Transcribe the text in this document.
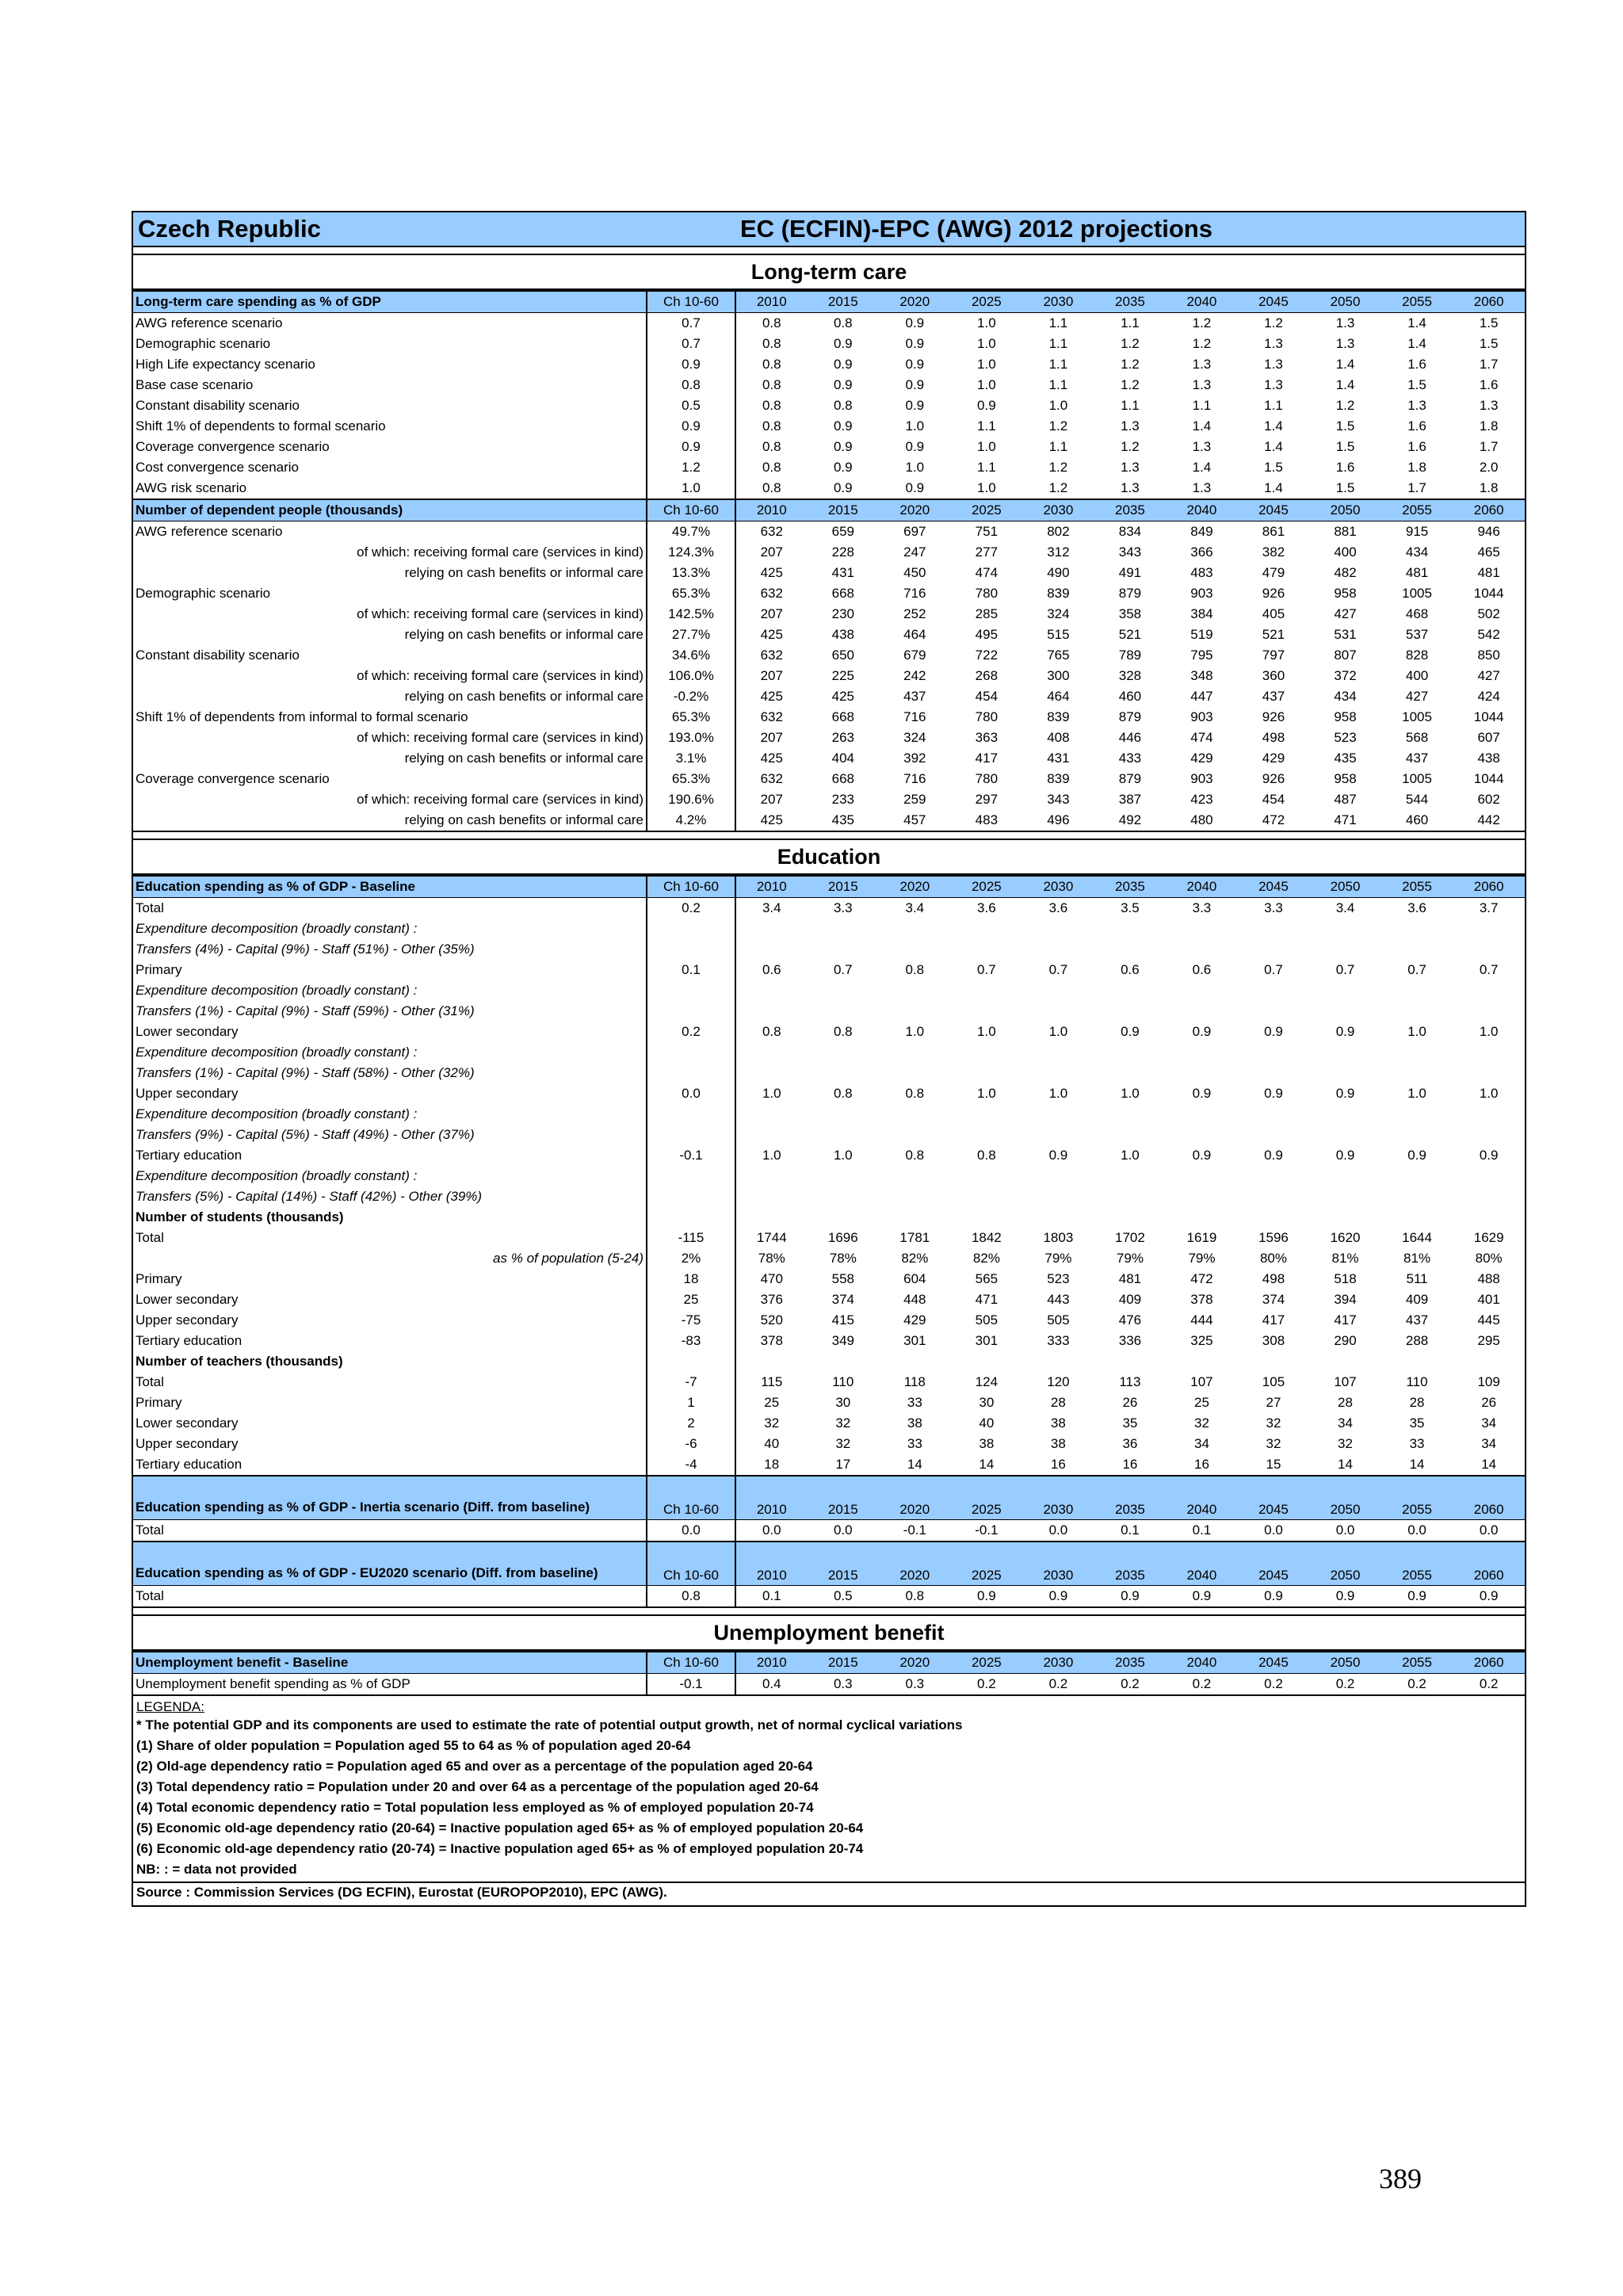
Czech Republic	EC (ECFIN)-EPC (AWG) 2012 projections
Long-term care
Long-term care spending as % of GDP	Ch 10-60	2010	2015	2020	2025	2030	2035	2040	2045	2050	2055	2060
AWG reference scenario	0.7	0.8	0.8	0.9	1.0	1.1	1.1	1.2	1.2	1.3	1.4	1.5
Demographic scenario	0.7	0.8	0.9	0.9	1.0	1.1	1.2	1.2	1.3	1.3	1.4	1.5
High Life expectancy scenario	0.9	0.8	0.9	0.9	1.0	1.1	1.2	1.3	1.3	1.4	1.6	1.7
Base case scenario	0.8	0.8	0.9	0.9	1.0	1.1	1.2	1.3	1.3	1.4	1.5	1.6
Constant disability scenario	0.5	0.8	0.8	0.9	0.9	1.0	1.1	1.1	1.1	1.2	1.3	1.3
Shift 1% of dependents to formal scenario	0.9	0.8	0.9	1.0	1.1	1.2	1.3	1.4	1.4	1.5	1.6	1.8
Coverage convergence scenario	0.9	0.8	0.9	0.9	1.0	1.1	1.2	1.3	1.4	1.5	1.6	1.7
Cost convergence scenario	1.2	0.8	0.9	1.0	1.1	1.2	1.3	1.4	1.5	1.6	1.8	2.0
AWG risk scenario	1.0	0.8	0.9	0.9	1.0	1.2	1.3	1.3	1.4	1.5	1.7	1.8
Number of dependent people (thousands)	Ch 10-60	2010	2015	2020	2025	2030	2035	2040	2045	2050	2055	2060
AWG reference scenario	49.7%	632	659	697	751	802	834	849	861	881	915	946
of which: receiving formal care (services in kind)	124.3%	207	228	247	277	312	343	366	382	400	434	465
relying on cash benefits or informal care	13.3%	425	431	450	474	490	491	483	479	482	481	481
Demographic scenario	65.3%	632	668	716	780	839	879	903	926	958	1005	1044
of which: receiving formal care (services in kind)	142.5%	207	230	252	285	324	358	384	405	427	468	502
relying on cash benefits or informal care	27.7%	425	438	464	495	515	521	519	521	531	537	542
Constant disability scenario	34.6%	632	650	679	722	765	789	795	797	807	828	850
of which: receiving formal care (services in kind)	106.0%	207	225	242	268	300	328	348	360	372	400	427
relying on cash benefits or informal care	-0.2%	425	425	437	454	464	460	447	437	434	427	424
Shift 1% of dependents from informal to formal scenario	65.3%	632	668	716	780	839	879	903	926	958	1005	1044
of which: receiving formal care (services in kind)	193.0%	207	263	324	363	408	446	474	498	523	568	607
relying on cash benefits or informal care	3.1%	425	404	392	417	431	433	429	429	435	437	438
Coverage convergence scenario	65.3%	632	668	716	780	839	879	903	926	958	1005	1044
of which: receiving formal care (services in kind)	190.6%	207	233	259	297	343	387	423	454	487	544	602
relying on cash benefits or informal care	4.2%	425	435	457	483	496	492	480	472	471	460	442
Education
Education spending as % of GDP - Baseline	Ch 10-60	2010	2015	2020	2025	2030	2035	2040	2045	2050	2055	2060
Total	0.2	3.4	3.3	3.4	3.6	3.6	3.5	3.3	3.3	3.4	3.6	3.7
Expenditure decomposition (broadly constant) :												
Transfers (4%) - Capital (9%) - Staff (51%) - Other (35%)												
Primary	0.1	0.6	0.7	0.8	0.7	0.7	0.6	0.6	0.7	0.7	0.7	0.7
Expenditure decomposition (broadly constant) :												
Transfers (1%) - Capital (9%) - Staff (59%) - Other (31%)												
Lower secondary	0.2	0.8	0.8	1.0	1.0	1.0	0.9	0.9	0.9	0.9	1.0	1.0
Expenditure decomposition (broadly constant) :												
Transfers (1%) - Capital (9%) - Staff (58%) - Other (32%)												
Upper secondary	0.0	1.0	0.8	0.8	1.0	1.0	1.0	0.9	0.9	0.9	1.0	1.0
Expenditure decomposition (broadly constant) :												
Transfers (9%) - Capital (5%) - Staff (49%) - Other (37%)												
Tertiary education	-0.1	1.0	1.0	0.8	0.8	0.9	1.0	0.9	0.9	0.9	0.9	0.9
Expenditure decomposition (broadly constant) :												
Transfers (5%) - Capital (14%) - Staff (42%) - Other (39%)												
Number of students (thousands)												
Total	-115	1744	1696	1781	1842	1803	1702	1619	1596	1620	1644	1629
as % of population (5-24)	2%	78%	78%	82%	82%	79%	79%	79%	80%	81%	81%	80%
Primary	18	470	558	604	565	523	481	472	498	518	511	488
Lower secondary	25	376	374	448	471	443	409	378	374	394	409	401
Upper secondary	-75	520	415	429	505	505	476	444	417	417	437	445
Tertiary education	-83	378	349	301	301	333	336	325	308	290	288	295
Number of teachers (thousands)												
Total	-7	115	110	118	124	120	113	107	105	107	110	109
Primary	1	25	30	33	30	28	26	25	27	28	28	26
Lower secondary	2	32	32	38	40	38	35	32	32	34	35	34
Upper secondary	-6	40	32	33	38	38	36	34	32	32	33	34
Tertiary education	-4	18	17	14	14	16	16	16	15	14	14	14
Education spending as % of GDP - Inertia scenario (Diff. from baseline)	Ch 10-60	2010	2015	2020	2025	2030	2035	2040	2045	2050	2055	2060
Total	0.0	0.0	0.0	-0.1	-0.1	0.0	0.1	0.1	0.0	0.0	0.0	0.0
Education spending as % of GDP - EU2020 scenario (Diff. from baseline)	Ch 10-60	2010	2015	2020	2025	2030	2035	2040	2045	2050	2055	2060
Total	0.8	0.1	0.5	0.8	0.9	0.9	0.9	0.9	0.9	0.9	0.9	0.9
Unemployment benefit
Unemployment benefit - Baseline	Ch 10-60	2010	2015	2020	2025	2030	2035	2040	2045	2050	2055	2060
Unemployment benefit spending as % of GDP	-0.1	0.4	0.3	0.3	0.2	0.2	0.2	0.2	0.2	0.2	0.2	0.2
LEGENDA:
* The potential GDP and its components are used to estimate the rate of potential output growth, net of normal cyclical variations
(1) Share of older population = Population aged 55 to 64 as % of population aged 20-64
(2) Old-age dependency ratio = Population aged 65 and over as a percentage of the population aged 20-64
(3) Total dependency ratio = Population under 20 and over 64 as a percentage of the population aged 20-64
(4) Total economic dependency ratio = Total population less employed as % of employed population 20-74
(5) Economic old-age dependency ratio (20-64) = Inactive population aged 65+ as % of employed population 20-64
(6) Economic old-age dependency ratio (20-74) = Inactive population aged 65+ as % of employed population 20-74
NB: : = data not provided
Source : Commission Services (DG ECFIN), Eurostat (EUROPOP2010), EPC (AWG).
389
